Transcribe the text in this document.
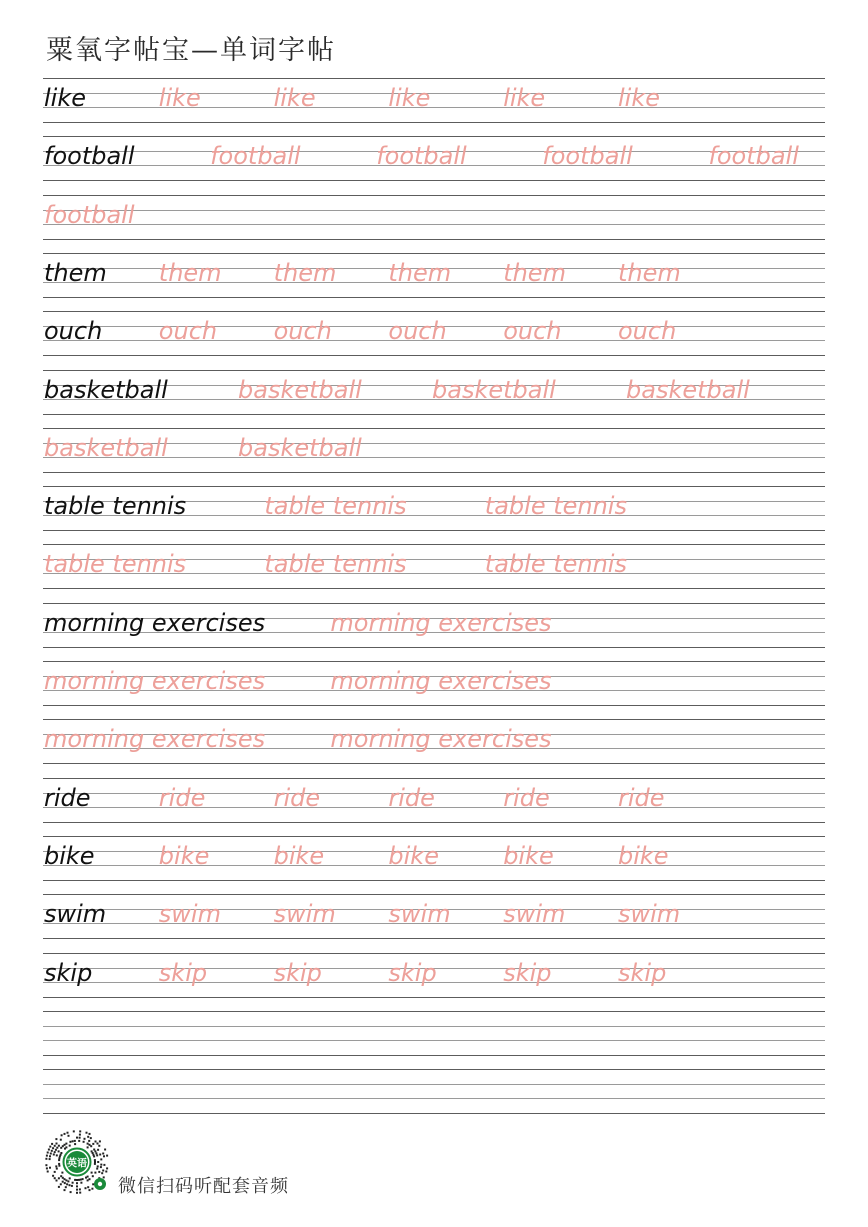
粟氧字帖宝—单词字帖
like	like	like	like	like	like
football	football	football	football	football
football
them them them them them them
ouch ouch ouch ouch ouch ouch
basketball	basketball	basketball	basketball
basketball	basketball
table tennis	table tennis	table tennis
table tennis	table tennis	table tennis
morning exercises	morning exercises
morning exercises	morning exercises
morning exercises	morning exercises
ride	ride	ride	ride	ride	ride
bike	bike	bike	bike	bike	bike
swim swim swim swim swim swim
skip	skip	skip	skip	skip	skip
英语
微信扫码听配套音频
